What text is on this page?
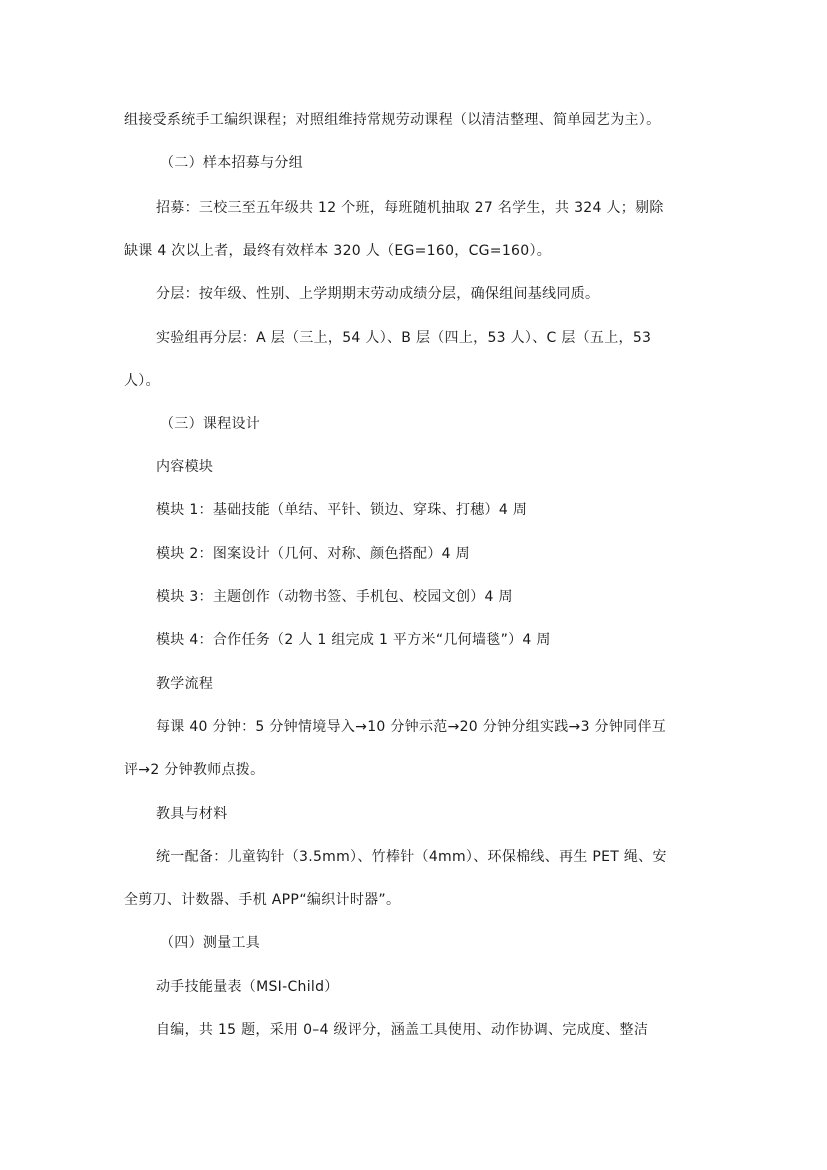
组接受系统手工编织课程；对照组维持常规劳动课程（以清洁整理、简单园艺为主）。
（二）样本招募与分组
招募：三校三至五年级共 12 个班，每班随机抽取 27 名学生，共 324 人；剔除
缺课 4 次以上者，最终有效样本 320 人（EG=160，CG=160）。
分层：按年级、性别、上学期期末劳动成绩分层，确保组间基线同质。
实验组再分层：A 层（三上，54 人）、B 层（四上，53 人）、C 层（五上，53
人）。
（三）课程设计
内容模块
模块 1：基础技能（单结、平针、锁边、穿珠、打穗）4 周
模块 2：图案设计（几何、对称、颜色搭配）4 周
模块 3：主题创作（动物书签、手机包、校园文创）4 周
模块 4：合作任务（2 人 1 组完成 1 平方米“几何墙毯”）4 周
教学流程
每课 40 分钟：5 分钟情境导入→10 分钟示范→20 分钟分组实践→3 分钟同伴互
评→2 分钟教师点拨。
教具与材料
统一配备：儿童钩针（3.5mm）、竹棒针（4mm）、环保棉线、再生 PET 绳、安
全剪刀、计数器、手机 APP“编织计时器”。
（四）测量工具
动手技能量表（MSI-Child）
自编，共 15 题，采用 0–4 级评分，涵盖工具使用、动作协调、完成度、整洁
